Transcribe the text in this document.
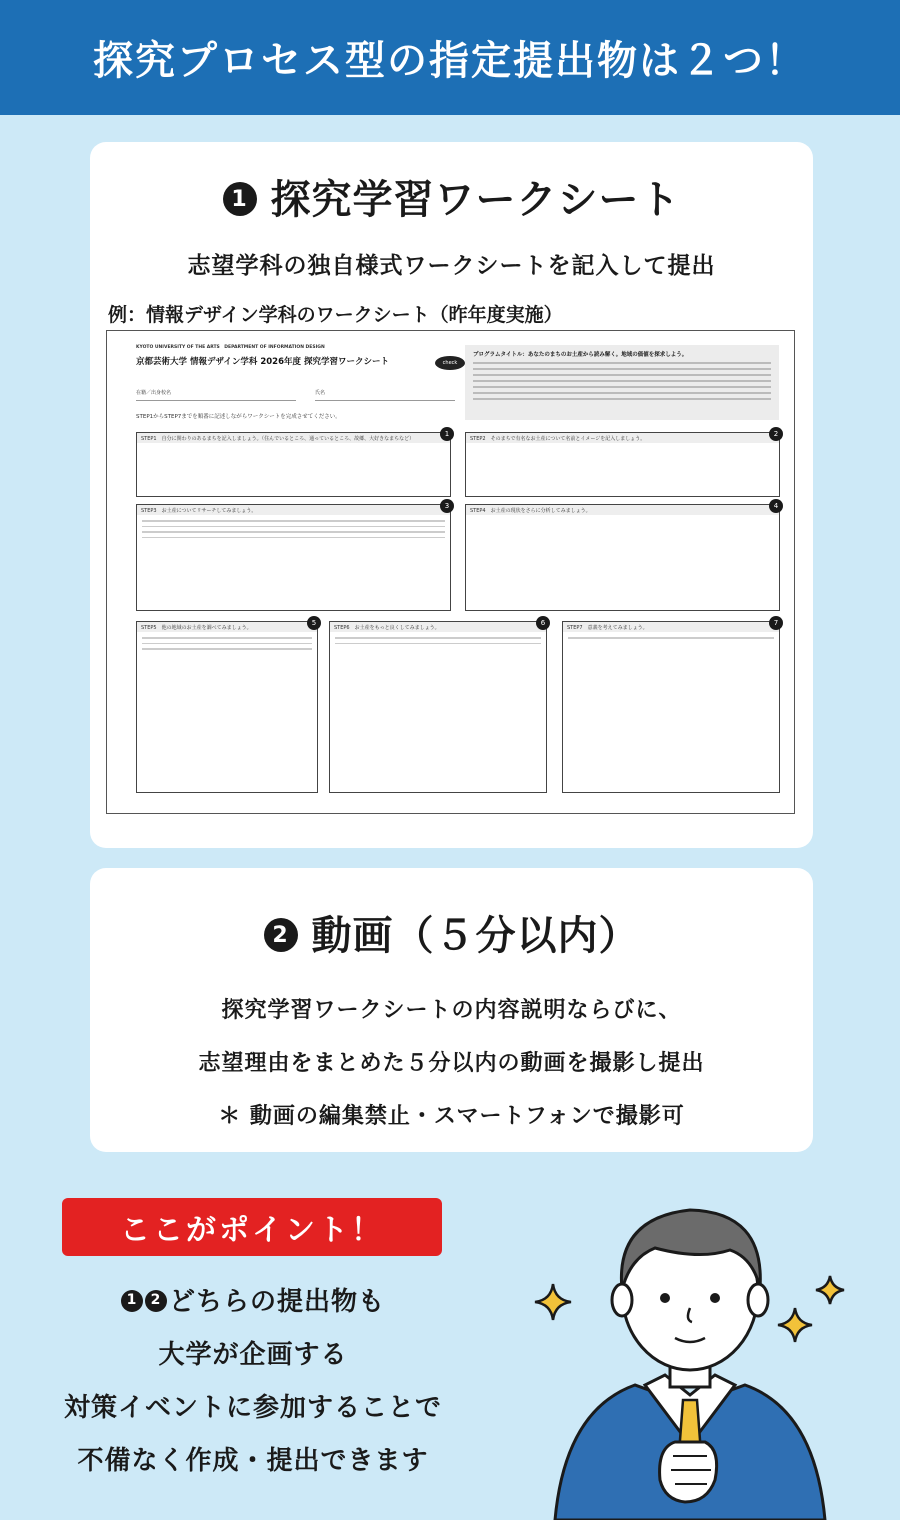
探究プロセス型の指定提出物は２つ！
1 探究学習ワークシート
志望学科の独自様式ワークシートを記入して提出
例：情報デザイン学科のワークシート（昨年度実施）
KYOTO UNIVERSITY OF THE ARTS　DEPARTMENT OF INFORMATION DESIGN
京都芸術大学 情報デザイン学科 2026年度 探究学習ワークシート	check
プログラムタイトル：あなたのまちのお土産から読み解く。地域の価値を探求しよう。
在籍／出身校名	氏名
STEP1からSTEP7までを順番に記述しながらワークシートを完成させてください。
STEP1　自分に関わりのあるまちを記入しましょう。（住んでいるところ、通っているところ、故郷、大好きなまちなど）
1
STEP2　そのまちで有名なお土産について名前とイメージを記入しましょう。
2
STEP3　お土産についてリサーチしてみましょう。
3
STEP4　お土産の現状をさらに分析してみましょう。
4
STEP5　他の地域のお土産を調べてみましょう。
5
STEP6　お土産をもっと良くしてみましょう。
6
STEP7　意義を考えてみましょう。
7
2 動画（５分以内）
探究学習ワークシートの内容説明ならびに、
志望理由をまとめた５分以内の動画を撮影し提出
＊ 動画の編集禁止・スマートフォンで撮影可
ここがポイント！
1 2 どちらの提出物も
大学が企画する
対策イベントに参加することで
不備なく作成・提出できます
